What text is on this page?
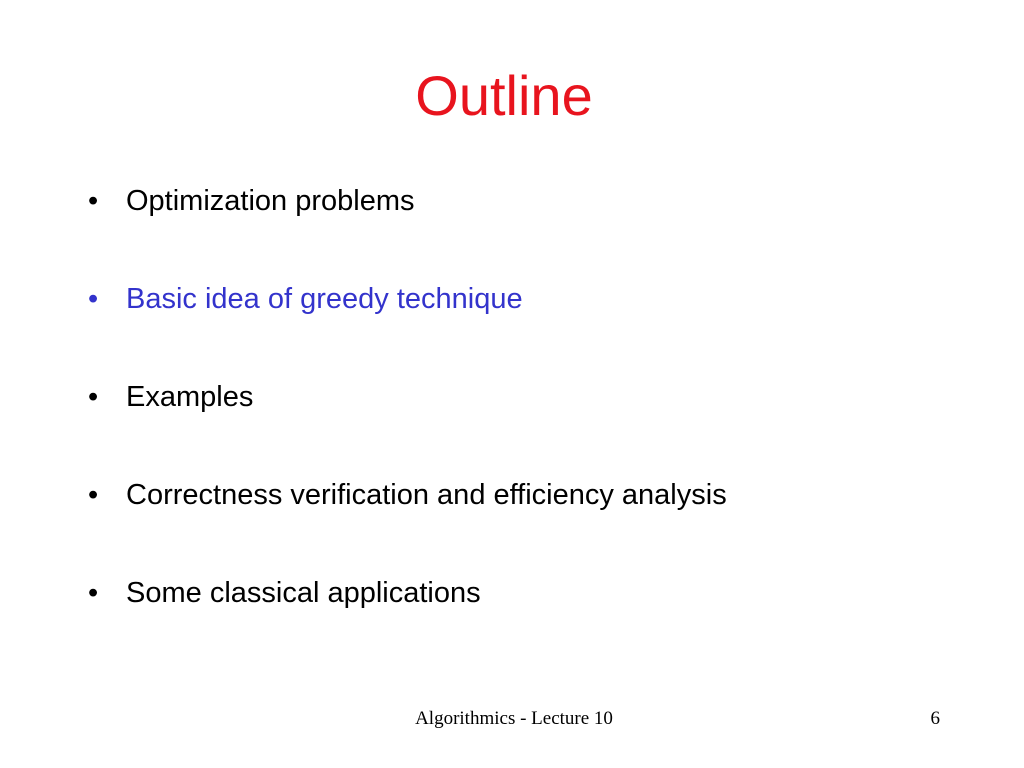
Outline
• Optimization problems
• Basic idea of greedy technique
• Examples
• Correctness verification and efficiency analysis
• Some classical applications
Algorithmics - Lecture 10	6
